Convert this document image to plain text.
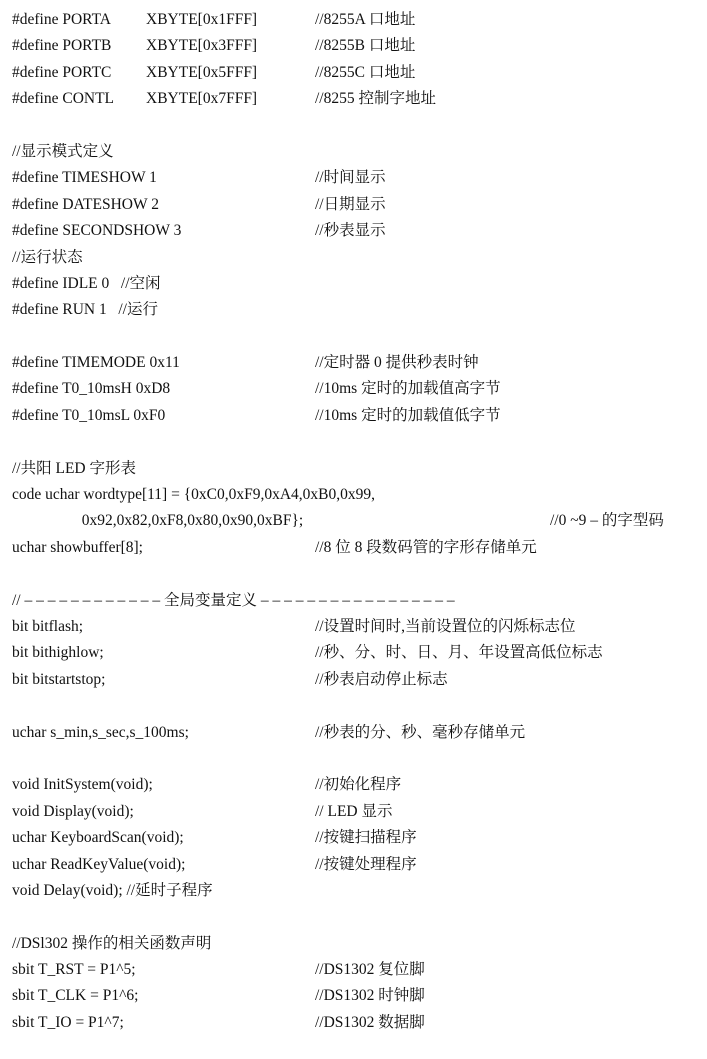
#define PORTA XBYTE[0x1FFF]	//8255A 口地址
#define PORTB XBYTE[0x3FFF]	//8255B 口地址
#define PORTC XBYTE[0x5FFF]	//8255C 口地址
#define CONTL XBYTE[0x7FFF]	//8255 控制字地址
//显示模式定义
#define TIMESHOW 1	//时间显示
#define DATESHOW 2	//日期显示
#define SECONDSHOW 3	//秒表显示
//运行状态
#define IDLE 0   //空闲
#define RUN 1   //运行
#define TIMEMODE 0x11	//定时器 0 提供秒表时钟
#define T0_10msH 0xD8	//10ms 定时的加载值高字节
#define T0_10msL 0xF0	//10ms 定时的加载值低字节
//共阳 LED 字形表
code uchar wordtype[11] = {0xC0,0xF9,0xA4,0xB0,0x99,
0x92,0x82,0xF8,0x80,0x90,0xBF};	//0 ~9 – 的字型码
uchar showbuffer[8];	//8 位 8 段数码管的字形存储单元
// – – – – – – – – – – – – 全局变量定义 – – – – – – – – – – – – – – – – –
bit bitflash;	//设置时间时,当前设置位的闪烁标志位
bit bithighlow;	//秒、分、时、日、月、年设置高低位标志
bit bitstartstop;	//秒表启动停止标志
uchar s_min,s_sec,s_100ms;	//秒表的分、秒、毫秒存储单元
void InitSystem(void);	//初始化程序
void Display(void);	// LED 显示
uchar KeyboardScan(void);	//按键扫描程序
uchar ReadKeyValue(void);	//按键处理程序
void Delay(void); //延时子程序
//DSl302 操作的相关函数声明
sbit T_RST = P1^5;	//DS1302 复位脚
sbit T_CLK = P1^6;	//DS1302 时钟脚
sbit T_IO = P1^7;	//DS1302 数据脚
